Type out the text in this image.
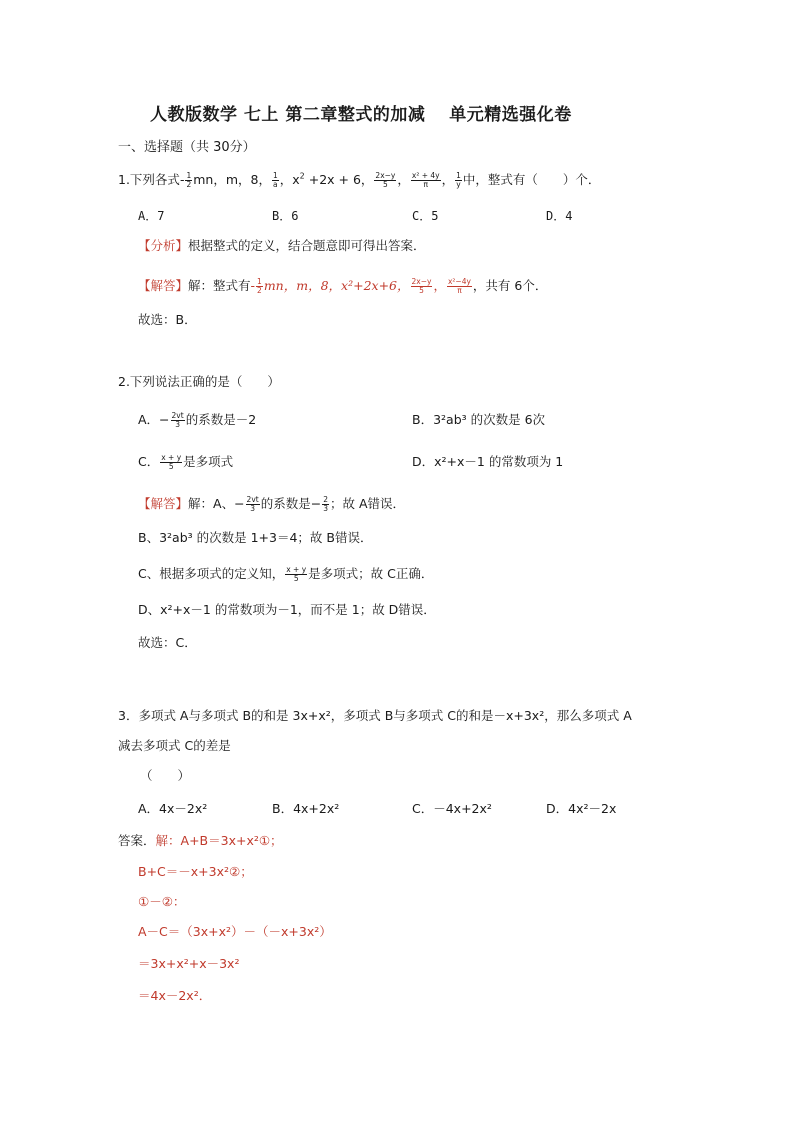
人教版数学 七上 第二章整式的加减　 单元精选强化卷
一、选择题（共 30分）
1.下列各式- $\frac{1}{2}$ mn，m，8， $\frac{1}{a}$ ，$x^2 +2x + 6$， $\frac{2x-y}{5}$ ， $\frac{\text{x² + 4y}}{\pi}$ ， $\frac{1}{y}$ 中，整式有（　　）个．
A．7	B．6	C．5	D．4
【分析】根据整式的定义，结合题意即可得出答案．
【解答】解：整式有- $\frac{1}{2}$ mn，m，8，x²+2x+6， $\frac{2x-y}{5}$ ， $\frac{\text{x²−4y}}{\pi}$ ，共有 6个．
故选：B．
2.下列说法正确的是（　　）
A．− $\frac{2vt}{3}$ 的系数是－2	B．3²ab³ 的次数是 6次
C． $\frac{x + y}{5}$ 是多项式	D．x²+x－1 的常数项为 1
【解答】解：A、− $\frac{2vt}{3}$ 的系数是− $\frac{2}{3}$ ；故 A错误．
B、3²ab³ 的次数是 1+3＝4；故 B错误．
C、根据多项式的定义知， $\frac{x + y}{5}$ 是多项式；故 C正确．
D、x²+x－1 的常数项为－1，而不是 1；故 D错误．
故选：C．
3．多项式 A与多项式 B的和是 3x+x²，多项式 B与多项式 C的和是－x+3x²，那么多项式 A
减去多项式 C的差是
（　　）
A．4x－2x²	B．4x+2x²	C．－4x+2x²	D．4x²－2x
答案．解：A+B＝3x+x²①；
B+C＝－x+3x²②；
①－②：
A－C＝（3x+x²）－（－x+3x²）
＝3x+x²+x－3x²
＝4x－2x²．
